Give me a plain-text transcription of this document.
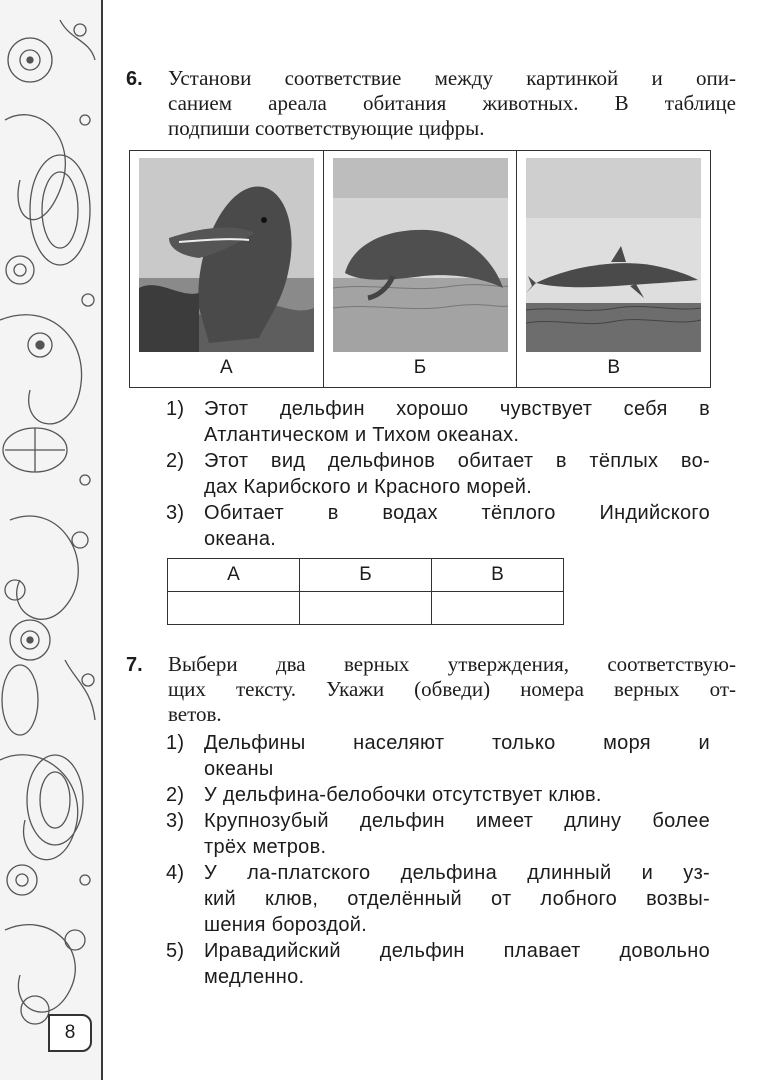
8
6. Установи соответствие между картинкой и опи-
санием ареала обитания животных. В таблице
подпиши соответствующие цифры.
А	Б	В
1) Этот дельфин хорошо чувствует себя в
Атлантическом и Тихом океанах.
2) Этот вид дельфинов обитает в тёплых во-
дах Карибского и Красного морей.
3) Обитает в водах тёплого Индийского
океана.
А	Б	В

7. Выбери два верных утверждения, соответствую-
щих тексту. Укажи (обведи) номера верных от-
ветов.
1) Дельфины населяют только моря и
океаны
2) У дельфина-белобочки отсутствует клюв.
3) Крупнозубый дельфин имеет длину более
трёх метров.
4) У ла-платского дельфина длинный и уз-
кий клюв, отделённый от лобного возвы-
шения бороздой.
5) Иравадийский дельфин плавает довольно
медленно.
